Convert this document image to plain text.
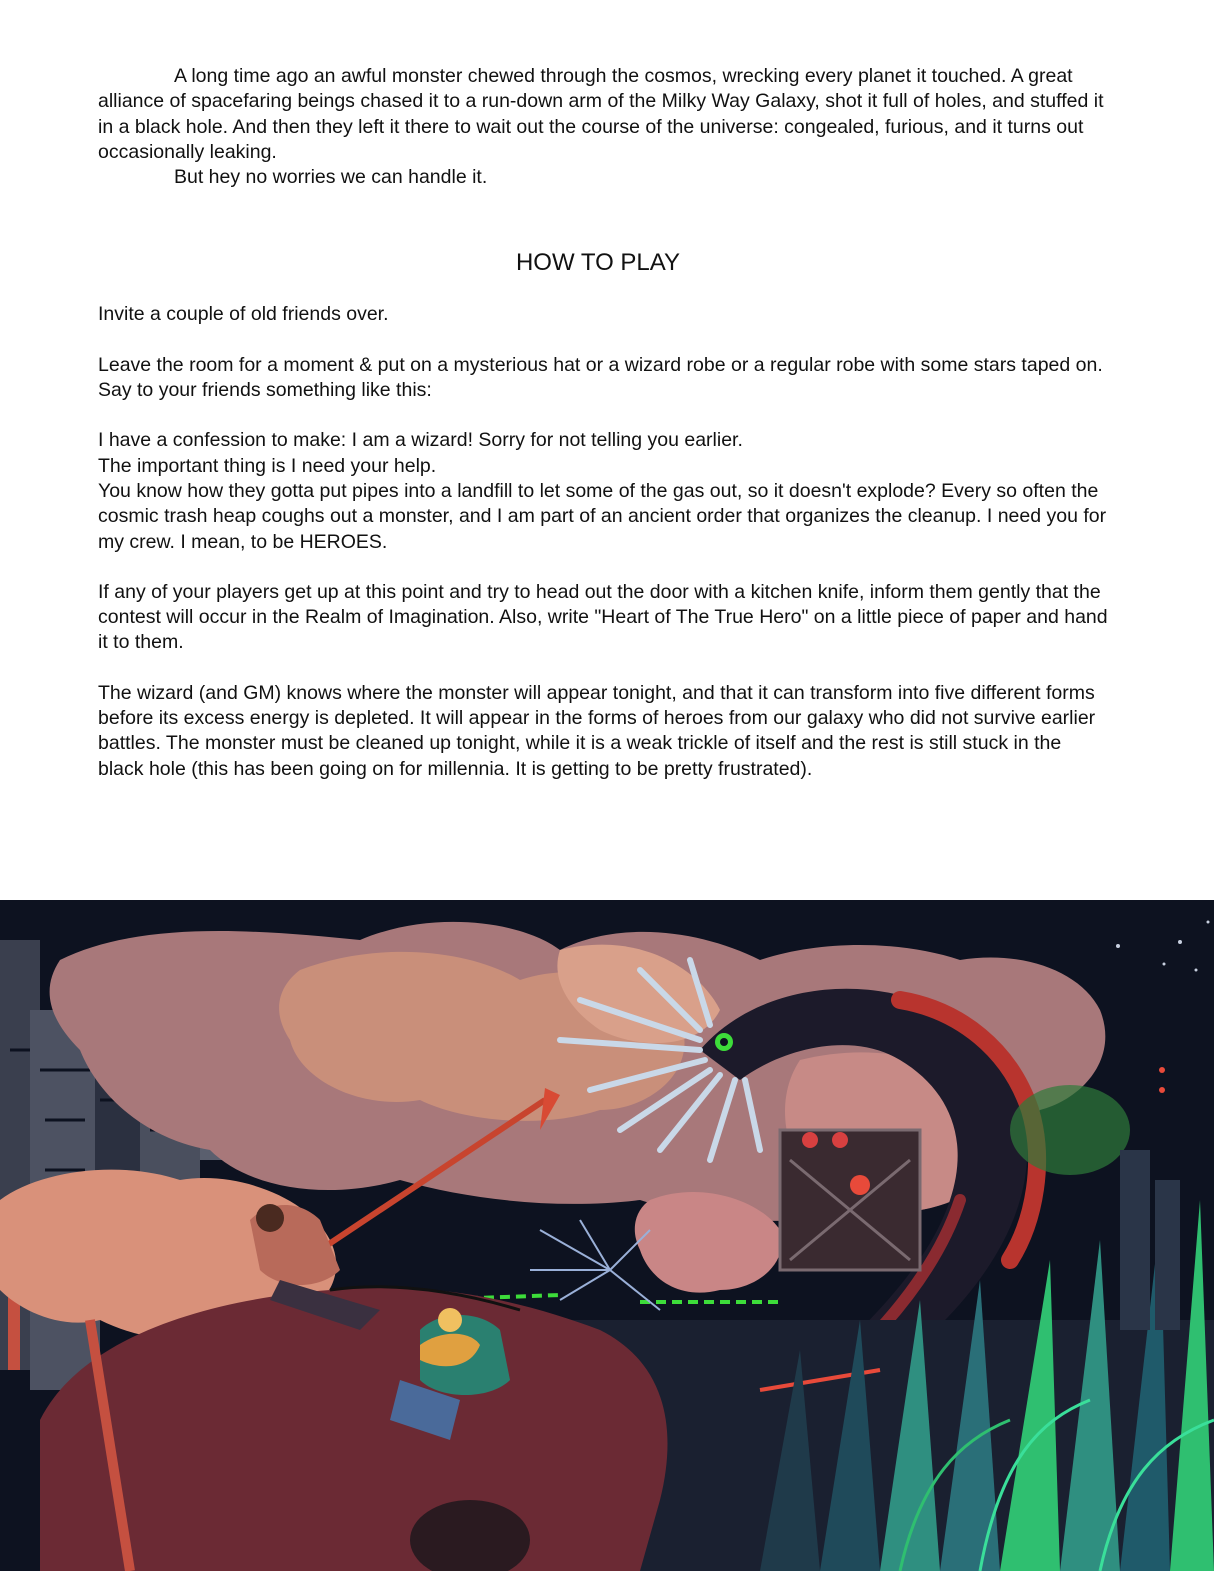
A long time ago an awful monster chewed through the cosmos, wrecking every planet it touched. A great alliance of spacefaring beings chased it to a run-down arm of the Milky Way Galaxy, shot it full of holes, and stuffed it in a black hole. And then they left it there to wait out the course of the universe: congealed, furious, and it turns out occasionally leaking.

But hey no worries we can handle it.

HOW TO PLAY

Invite a couple of old friends over.

Leave the room for a moment & put on a mysterious hat or a wizard robe or a regular robe with some stars taped on.

Say to your friends something like this:

I have a confession to make: I am a wizard! Sorry for not telling you earlier.

The important thing is I need your help.

You know how they gotta put pipes into a landfill to let some of the gas out, so it doesn't explode? Every so often the cosmic trash heap coughs out a monster, and I am part of an ancient order that organizes the cleanup. I need you for my crew. I mean, to be HEROES.

If any of your players get up at this point and try to head out the door with a kitchen knife, inform them gently that the contest will occur in the Realm of Imagination. Also, write "Heart of The True Hero" on a little piece of paper and hand it to them.

The wizard (and GM) knows where the monster will appear tonight, and that it can transform into five different forms before its excess energy is depleted. It will appear in the forms of heroes from our galaxy who did not survive earlier battles. The monster must be cleaned up tonight, while it is a weak trickle of itself and the rest is still stuck in the black hole (this has been going on for millennia. It is getting to be pretty frustrated).
